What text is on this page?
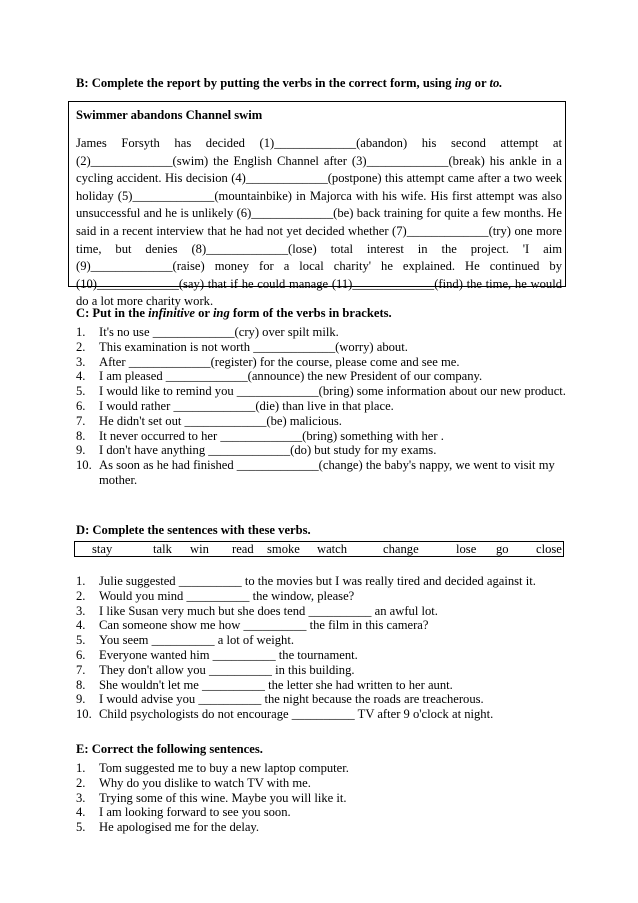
B: Complete the report by putting the verbs in the correct form, using ing or to.
Swimmer abandons Channel swim
James Forsyth has decided (1)_____________(abandon) his second attempt at (2)_____________(swim) the English Channel after (3)_____________(break) his ankle in a cycling accident. His decision (4)_____________(postpone) this attempt came after a two week holiday (5)_____________(mountainbike) in Majorca with his wife. His first attempt was also unsuccessful and he is unlikely (6)_____________(be) back training for quite a few months. He said in a recent interview that he had not yet decided whether (7)_____________(try) one more time, but denies (8)_____________(lose) total interest in the project. 'I aim (9)_____________(raise) money for a local charity' he explained. He continued by (10)_____________(say) that if he could manage (11)_____________(find) the time, he would do a lot more charity work.
C: Put in the infinitive or ing form of the verbs in brackets.
1. It's no use _____________(cry) over spilt milk.
2. This examination is not worth _____________(worry) about.
3. After _____________(register) for the course, please come and see me.
4. I am pleased _____________(announce) the new President of our company.
5. I would like to remind you _____________(bring) some information about our new product.
6. I would rather _____________(die) than live in that place.
7. He didn't set out _____________(be) malicious.
8. It never occurred to her _____________(bring) something with her .
9. I don't have anything _____________(do) but study for my exams.
10. As soon as he had finished _____________(change) the baby's nappy, we went to visit my mother.
D: Complete the sentences with these verbs.
stay	talk win read smoke watch	change	lose go close
1. Julie suggested __________ to the movies but I was really tired and decided against it.
2. Would you mind __________ the window, please?
3. I like Susan very much but she does tend __________ an awful lot.
4. Can someone show me how __________ the film in this camera?
5. You seem __________ a lot of weight.
6. Everyone wanted him __________ the tournament.
7. They don't allow you __________ in this building.
8. She wouldn't let me __________ the letter she had written to her aunt.
9. I would advise you __________ the night because the roads are treacherous.
10. Child psychologists do not encourage __________ TV after 9 o'clock at night.
E: Correct the following sentences.
1. Tom suggested me to buy a new laptop computer.
2. Why do you dislike to watch TV with me.
3. Trying some of this wine. Maybe you will like it.
4. I am looking forward to see you soon.
5. He apologised me for the delay.
